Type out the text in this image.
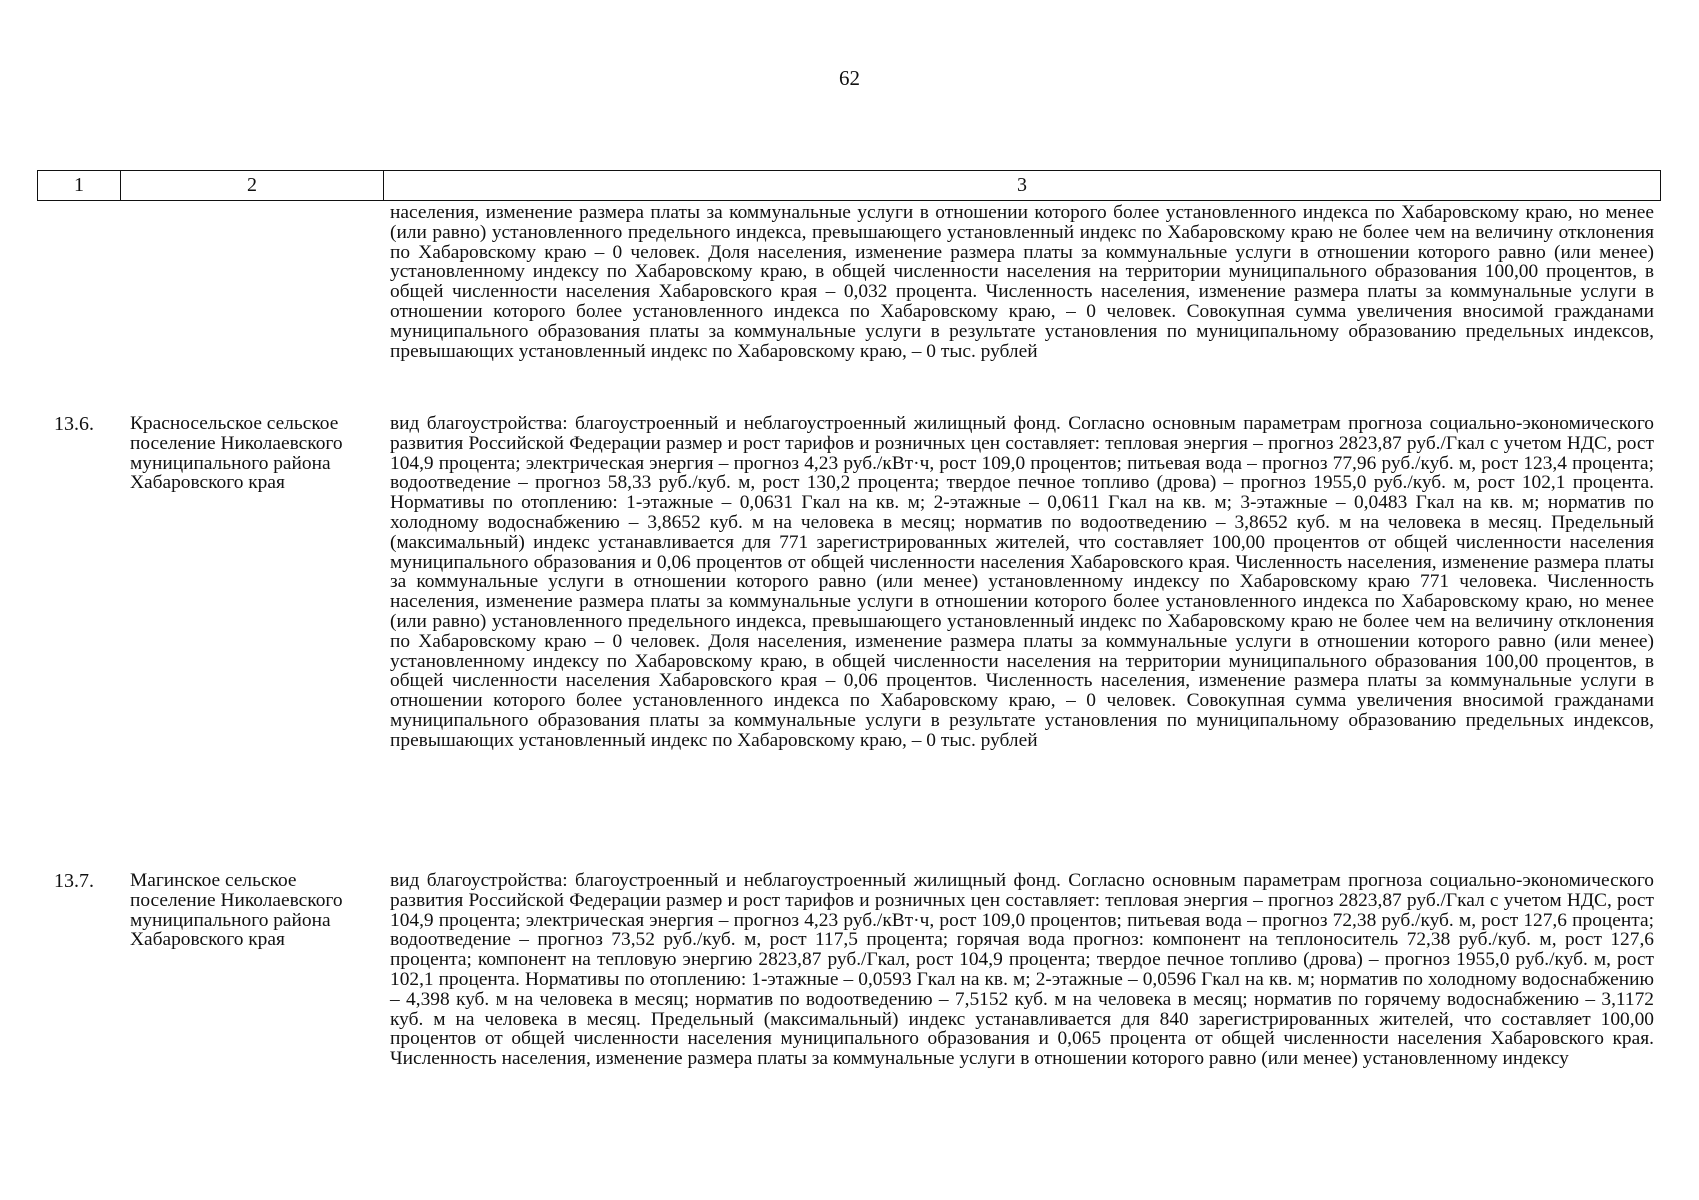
62
1	2	3
населения, изменение размера платы за коммунальные услуги в отношении которого более установленного индекса по Хабаровскому краю, но менее (или равно) установленного предельного индекса, превышающего установленный индекс по Хабаровскому краю не более чем на величину отклонения по Хабаровскому краю – 0 человек. Доля населения, изменение размера платы за коммунальные услуги в отношении которого равно (или менее) установленному индексу по Хабаровскому краю, в общей численности населения на территории муниципального образования 100,00 процентов, в общей численности населения Хабаровского края – 0,032 процента. Численность населения, изменение размера платы за коммунальные услуги в отношении которого более установленного индекса по Хабаровскому краю, – 0 человек. Совокупная сумма увеличения вносимой гражданами муниципального образования платы за коммунальные услуги в результате установления по муниципальному образованию предельных индексов, превышающих установленный индекс по Хабаровскому краю, – 0 тыс. рублей
13.6. Красносельское сельское поселение Николаевского муниципального района Хабаровского края
вид благоустройства: благоустроенный и неблагоустроенный жилищный фонд. Согласно основным параметрам прогноза социально-экономического развития Российской Федерации размер и рост тарифов и розничных цен составляет: тепловая энергия – прогноз 2823,87 руб./Гкал с учетом НДС, рост 104,9 процента; электрическая энергия – прогноз 4,23 руб./кВт·ч, рост 109,0 процентов; питьевая вода – прогноз 77,96 руб./куб. м, рост 123,4 процента; водоотведение – прогноз 58,33 руб./куб. м, рост 130,2 процента; твердое печное топливо (дрова) – прогноз 1955,0 руб./куб. м, рост 102,1 процента. Нормативы по отоплению: 1-этажные – 0,0631 Гкал на кв. м; 2-этажные – 0,0611 Гкал на кв. м; 3-этажные – 0,0483 Гкал на кв. м; норматив по холодному водоснабжению – 3,8652 куб. м на человека в месяц; норматив по водоотведению – 3,8652 куб. м на человека в месяц. Предельный (максимальный) индекс устанавливается для 771 зарегистрированных жителей, что составляет 100,00 процентов от общей численности населения муниципального образования и 0,06 процентов от общей численности населения Хабаровского края. Численность населения, изменение размера платы за коммунальные услуги в отношении которого равно (или менее) установленному индексу по Хабаровскому краю 771 человека. Численность населения, изменение размера платы за коммунальные услуги в отношении которого более установленного индекса по Хабаровскому краю, но менее (или равно) установленного предельного индекса, превышающего установленный индекс по Хабаровскому краю не более чем на величину отклонения по Хабаровскому краю – 0 человек. Доля населения, изменение размера платы за коммунальные услуги в отношении которого равно (или менее) установленному индексу по Хабаровскому краю, в общей численности населения на территории муниципального образования 100,00 процентов, в общей численности населения Хабаровского края – 0,06 процентов. Численность населения, изменение размера платы за коммунальные услуги в отношении которого более установленного индекса по Хабаровскому краю, – 0 человек. Совокупная сумма увеличения вносимой гражданами муниципального образования платы за коммунальные услуги в результате установления по муниципальному образованию предельных индексов, превышающих установленный индекс по Хабаровскому краю, – 0 тыс. рублей
13.7. Магинское сельское поселение Николаевского муниципального района Хабаровского края
вид благоустройства: благоустроенный и неблагоустроенный жилищный фонд. Согласно основным параметрам прогноза социально-экономического развития Российской Федерации размер и рост тарифов и розничных цен составляет: тепловая энергия – прогноз 2823,87 руб./Гкал с учетом НДС, рост 104,9 процента; электрическая энергия – прогноз 4,23 руб./кВт·ч, рост 109,0 процентов; питьевая вода – прогноз 72,38 руб./куб. м, рост 127,6 процента; водоотведение – прогноз 73,52 руб./куб. м, рост 117,5 процента; горячая вода прогноз: компонент на теплоноситель 72,38 руб./куб. м, рост 127,6 процента; компонент на тепловую энергию 2823,87 руб./Гкал, рост 104,9 процента; твердое печное топливо (дрова) – прогноз 1955,0 руб./куб. м, рост 102,1 процента. Нормативы по отоплению: 1-этажные – 0,0593 Гкал на кв. м; 2-этажные – 0,0596 Гкал на кв. м; норматив по холодному водоснабжению – 4,398 куб. м на человека в месяц; норматив по водоотведению – 7,5152 куб. м на человека в месяц; норматив по горячему водоснабжению – 3,1172 куб. м на человека в месяц. Предельный (максимальный) индекс устанавливается для 840 зарегистрированных жителей, что составляет 100,00 процентов от общей численности населения муниципального образования и 0,065 процента от общей численности населения Хабаровского края. Численность населения, изменение размера платы за коммунальные услуги в отношении которого равно (или менее) установленному индексу
